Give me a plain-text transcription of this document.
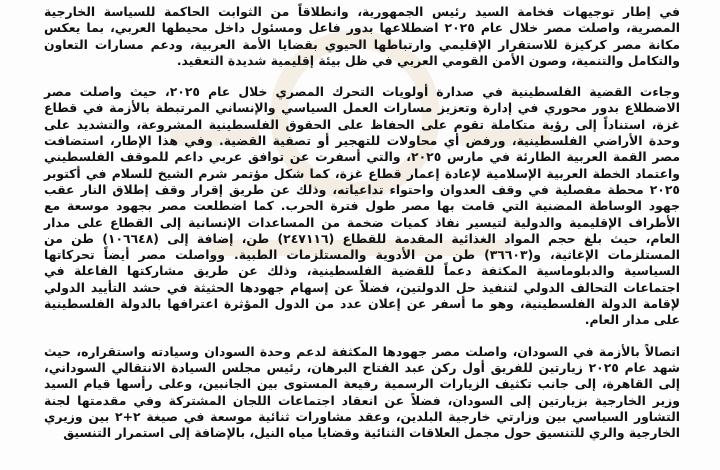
في إطار توجيهات فخامة السيد رئيس الجمهورية، وانطلاقاً من الثوابت الحاكمة للسياسة الخارجية المصرية، واصلت مصر خلال عام ٢٠٢٥ اضطلاعها بدور فاعل ومسئول داخل محيطها العربي، بما يعكس مكانة مصر كركيزة للاستقرار الإقليمي وارتباطها الحيوي بقضايا الأمة العربية، ودعم مسارات التعاون والتكامل والتنمية، وصون الأمن القومي العربي في ظل بيئة إقليمية شديدة التعقيد.

وجاءت القضية الفلسطينية في صدارة أولويات التحرك المصري خلال عام ٢٠٢٥، حيث واصلت مصر الاضطلاع بدور محوري في إدارة وتعزيز مسارات العمل السياسي والإنساني المرتبطة بالأزمة في قطاع غزة، استناداً إلى رؤية متكاملة تقوم على الحفاظ على الحقوق الفلسطينية المشروعة، والتشديد على وحدة الأراضي الفلسطينية، ورفض أي محاولات للتهجير أو تصفية القضية. وفي هذا الإطار، استضافت مصر القمة العربية الطارئة في مارس ٢٠٢٥، والتي أسفرت عن توافق عربي داعم للموقف الفلسطيني واعتماد الخطة العربية الإسلامية لإعادة إعمار قطاع غزة، كما شكل مؤتمر شرم الشيخ للسلام في أكتوبر ٢٠٢٥ محطة مفصلية في وقف العدوان واحتواء تداعياته، وذلك عن طريق إقرار وقف إطلاق النار عقب جهود الوساطة المضنية التي قامت بها مصر طول فترة الحرب. كما اضطلعت مصر بجهود موسعة مع الأطراف الإقليمية والدولية لتيسير نفاذ كميات ضخمة من المساعدات الإنسانية إلى القطاع على مدار العام، حيث بلغ حجم المواد الغذائية المقدمة للقطاع (٢٤٧١١٦) طن، إضافة إلى (١٠٦٦٤٨) طن من المستلزمات الإغاثية، و(٣٦٦٠٣) طن من الأدوية والمستلزمات الطبية. وواصلت مصر أيضاً تحركاتها السياسية والدبلوماسية المكثفة دعماً للقضية الفلسطينية، وذلك عن طريق مشاركتها الفاعلة في اجتماعات التحالف الدولي لتنفيذ حل الدولتين، فضلاً عن إسهام جهودها الحثيثة في حشد التأييد الدولي لإقامة الدولة الفلسطينية، وهو ما أسفر عن إعلان عدد من الدول المؤثرة اعترافها بالدولة الفلسطينية على مدار العام.

اتصالاً بالأزمة في السودان، واصلت مصر جهودها المكثفة لدعم وحدة السودان وسيادته واستقراره، حيث شهد عام ٢٠٢٥ زيارتين للفريق أول ركن عبد الفتاح البرهان، رئيس مجلس السيادة الانتقالي السوداني، إلى القاهرة، إلى جانب تكثيف الزيارات الرسمية رفيعة المستوى بين الجانبين، وعلى رأسها قيام السيد وزير الخارجية بزيارتين إلى السودان، فضلاً عن انعقاد اجتماعات اللجان المشتركة وفي مقدمتها لجنة التشاور السياسي بين وزارتي خارجية البلدين، وعقد مشاورات ثنائية موسعة في صيغة ٢+٢ بين وزيري الخارجية والري للتنسيق حول مجمل العلاقات الثنائية وقضايا مياه النيل، بالإضافة إلى استمرار التنسيق
